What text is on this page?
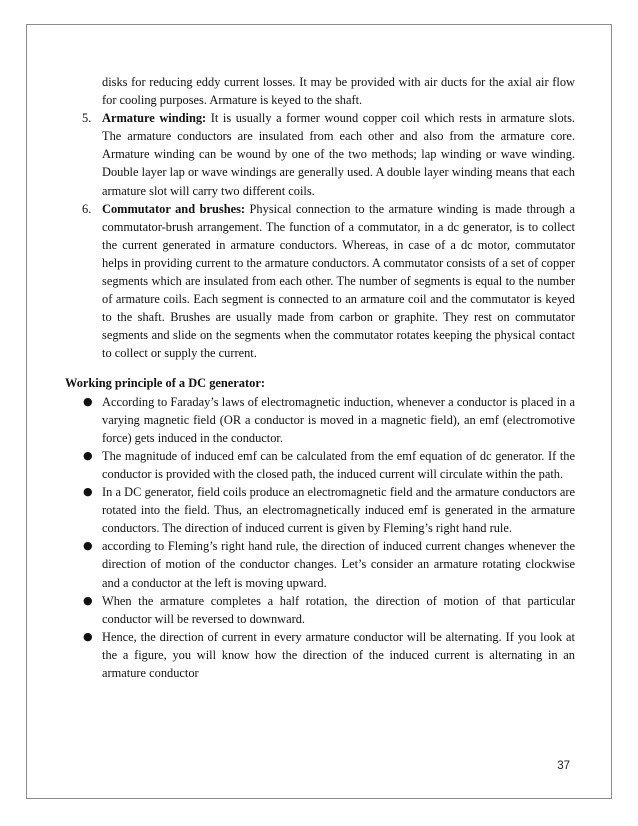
disks for reducing eddy current losses. It may be provided with air ducts for the axial air flow for cooling purposes. Armature is keyed to the shaft.

5. Armature winding: It is usually a former wound copper coil which rests in armature slots. The armature conductors are insulated from each other and also from the armature core. Armature winding can be wound by one of the two methods; lap winding or wave winding. Double layer lap or wave windings are generally used. A double layer winding means that each armature slot will carry two different coils.
6. Commutator and brushes: Physical connection to the armature winding is made through a commutator-brush arrangement. The function of a commutator, in a dc generator, is to collect the current generated in armature conductors. Whereas, in case of a dc motor, commutator helps in providing current to the armature conductors. A commutator consists of a set of copper segments which are insulated from each other. The number of segments is equal to the number of armature coils. Each segment is connected to an armature coil and the commutator is keyed to the shaft. Brushes are usually made from carbon or graphite. They rest on commutator segments and slide on the segments when the commutator rotates keeping the physical contact to collect or supply the current.
Working principle of a DC generator:
● According to Faraday’s laws of electromagnetic induction, whenever a conductor is placed in a varying magnetic field (OR a conductor is moved in a magnetic field), an emf (electromotive force) gets induced in the conductor.
● The magnitude of induced emf can be calculated from the emf equation of dc generator. If the conductor is provided with the closed path, the induced current will circulate within the path.
● In a DC generator, field coils produce an electromagnetic field and the armature conductors are rotated into the field. Thus, an electromagnetically induced emf is generated in the armature conductors. The direction of induced current is given by Fleming’s right hand rule.
● according to Fleming’s right hand rule, the direction of induced current changes whenever the direction of motion of the conductor changes. Let’s consider an armature rotating clockwise and a conductor at the left is moving upward.
● When the armature completes a half rotation, the direction of motion of that particular conductor will be reversed to downward.
● Hence, the direction of current in every armature conductor will be alternating. If you look at the a figure, you will know how the direction of the induced current is alternating in an armature conductor
37
